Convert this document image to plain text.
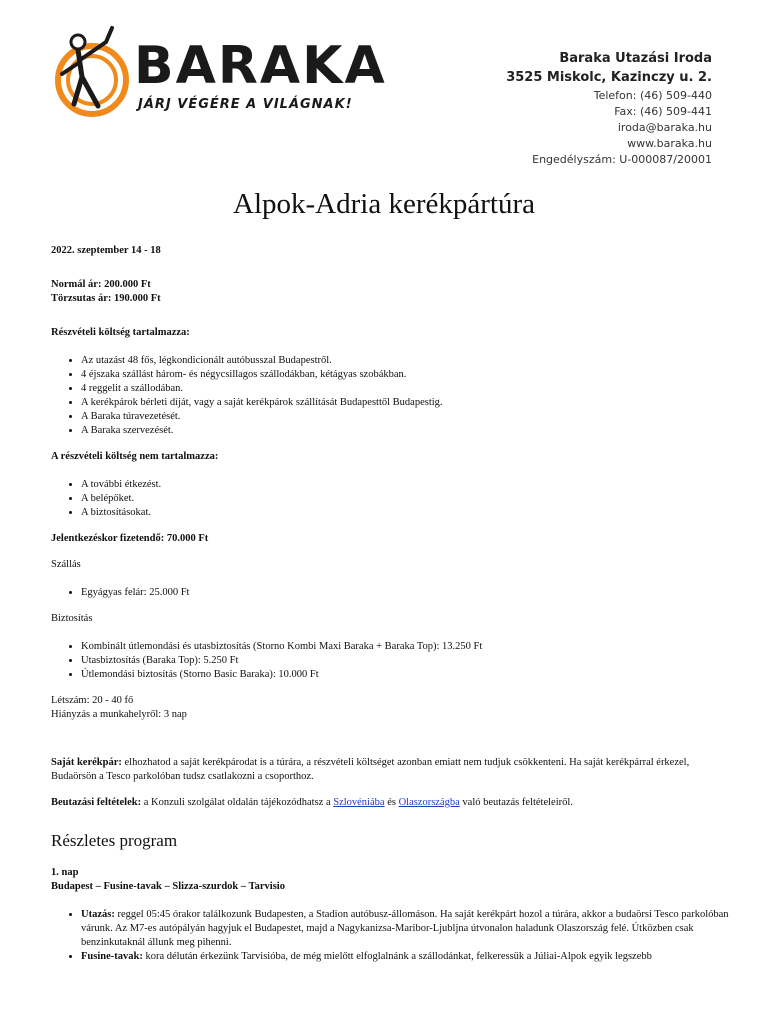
BARAKA
JÁRJ VÉGÉRE A VILÁGNAK!
Baraka Utazási Iroda
3525 Miskolc, Kazinczy u. 2.
Telefon: (46) 509-440
Fax: (46) 509-441
iroda@baraka.hu
www.baraka.hu
Engedélyszám: U-000087/20001
Alpok-Adria kerékpártúra

2022. szeptember 14 - 18

Normál ár: 200.000 Ft

Törzsutas ár: 190.000 Ft

Részvételi költség tartalmazza:

• Az utazást 48 fős, légkondicionált autóbusszal Budapestről.
• 4 éjszaka szállást három- és négycsillagos szállodákban, kétágyas szobákban.
• 4 reggelit a szállodában.
• A kerékpárok bérleti díját, vagy a saját kerékpárok szállítását Budapesttől Budapestig.
• A Baraka túravezetését.
• A Baraka szervezését.

A részvételi költség nem tartalmazza:

• A további étkezést.
• A belépőket.
• A biztosításokat.

Jelentkezéskor fizetendő: 70.000 Ft

Szállás

• Egyágyas felár: 25.000 Ft

Biztosítás

• Kombinált útlemondási és utasbiztosítás (Storno Kombi Maxi Baraka + Baraka Top): 13.250 Ft
• Utasbiztosítás (Baraka Top): 5.250 Ft
• Útlemondási biztosítás (Storno Basic Baraka): 10.000 Ft

Létszám: 20 - 40 fő

Hiányzás a munkahelyről: 3 nap

Saját kerékpár: elhozhatod a saját kerékpárodat is a túrára, a részvételi költséget azonban emiatt nem tudjuk csökkenteni. Ha saját kerékpárral érkezel, Budaörsön a Tesco parkolóban tudsz csatlakozni a csoporthoz.

Beutazási feltételek: a Konzuli szolgálat oldalán tájékozódhatsz a Szlovéniába és Olaszországba való beutazás feltételeiről.

Részletes program

1. nap

Budapest – Fusine-tavak – Slizza-szurdok – Tarvisio

• Utazás: reggel 05:45 órakor találkozunk Budapesten, a Stadion autóbusz-állomáson. Ha saját kerékpárt hozol a túrára, akkor a budaörsi Tesco parkolóban várunk. Az M7-es autópályán hagyjuk el Budapestet, majd a Nagykanizsa-Maribor-Ljubljna útvonalon haladunk Olaszország felé. Útközben csak benzinkutaknál állunk meg pihenni.
• Fusine-tavak: kora délután érkezünk Tarvisióba, de még mielőtt elfoglalnánk a szállodánkat, felkeressük a Júliai-Alpok egyik legszebb
